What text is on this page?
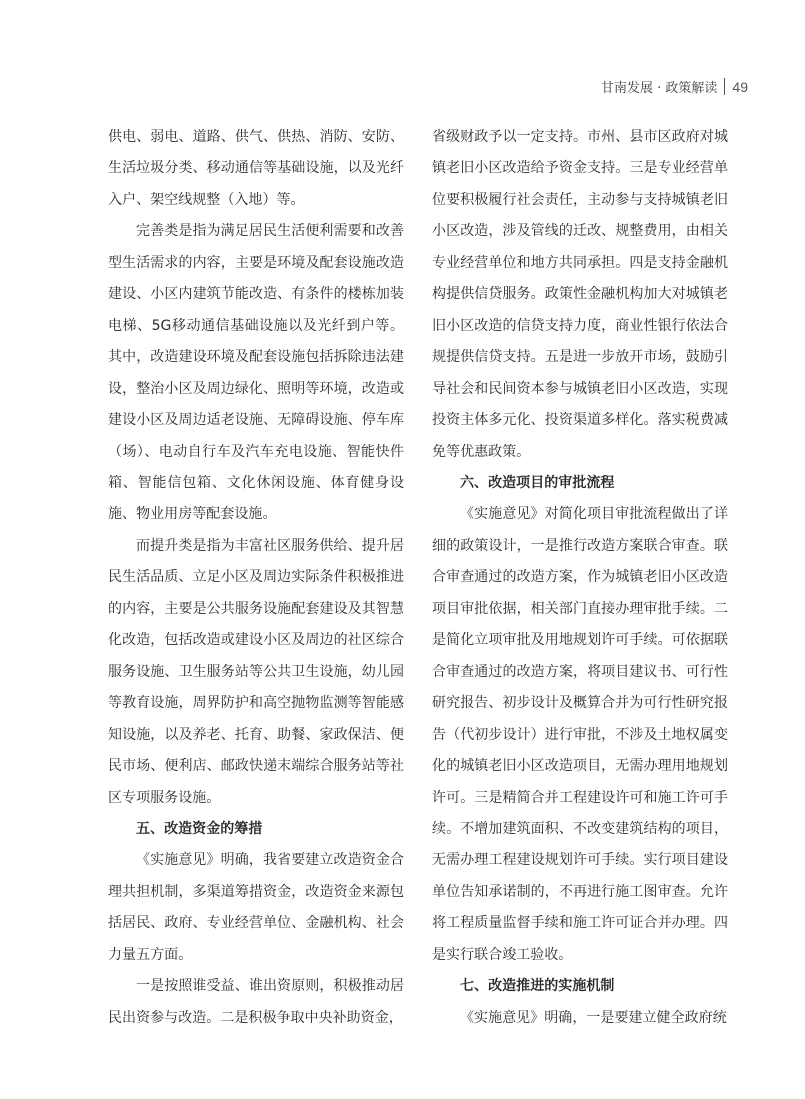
甘南发展 · 政策解读 49

供电、弱电、道路、供气、供热、消防、安防、生活垃圾分类、移动通信等基础设施，以及光纤入户、架空线规整（入地）等。

完善类是指为满足居民生活便利需要和改善型生活需求的内容，主要是环境及配套设施改造建设、小区内建筑节能改造、有条件的楼栋加装电梯、5G移动通信基础设施以及光纤到户等。其中，改造建设环境及配套设施包括拆除违法建设，整治小区及周边绿化、照明等环境，改造或建设小区及周边适老设施、无障碍设施、停车库（场）、电动自行车及汽车充电设施、智能快件箱、智能信包箱、文化休闲设施、体育健身设施、物业用房等配套设施。

而提升类是指为丰富社区服务供给、提升居民生活品质、立足小区及周边实际条件积极推进的内容，主要是公共服务设施配套建设及其智慧化改造，包括改造或建设小区及周边的社区综合服务设施、卫生服务站等公共卫生设施，幼儿园等教育设施，周界防护和高空抛物监测等智能感知设施，以及养老、托育、助餐、家政保洁、便民市场、便利店、邮政快递末端综合服务站等社区专项服务设施。

五、改造资金的筹措

《实施意见》明确，我省要建立改造资金合理共担机制，多渠道筹措资金，改造资金来源包括居民、政府、专业经营单位、金融机构、社会力量五方面。

一是按照谁受益、谁出资原则，积极推动居民出资参与改造。二是积极争取中央补助资金，

省级财政予以一定支持。市州、县市区政府对城镇老旧小区改造给予资金支持。三是专业经营单位要积极履行社会责任，主动参与支持城镇老旧小区改造，涉及管线的迁改、规整费用，由相关专业经营单位和地方共同承担。四是支持金融机构提供信贷服务。政策性金融机构加大对城镇老旧小区改造的信贷支持力度，商业性银行依法合规提供信贷支持。五是进一步放开市场，鼓励引导社会和民间资本参与城镇老旧小区改造，实现投资主体多元化、投资渠道多样化。落实税费减免等优惠政策。

六、改造项目的审批流程

《实施意见》对简化项目审批流程做出了详细的政策设计，一是推行改造方案联合审查。联合审查通过的改造方案，作为城镇老旧小区改造项目审批依据，相关部门直接办理审批手续。二是简化立项审批及用地规划许可手续。可依据联合审查通过的改造方案，将项目建议书、可行性研究报告、初步设计及概算合并为可行性研究报告（代初步设计）进行审批，不涉及土地权属变化的城镇老旧小区改造项目，无需办理用地规划许可。三是精简合并工程建设许可和施工许可手续。不增加建筑面积、不改变建筑结构的项目，无需办理工程建设规划许可手续。实行项目建设单位告知承诺制的，不再进行施工图审查。允许将工程质量监督手续和施工许可证合并办理。四是实行联合竣工验收。

七、改造推进的实施机制

《实施意见》明确，一是要建立健全政府统
